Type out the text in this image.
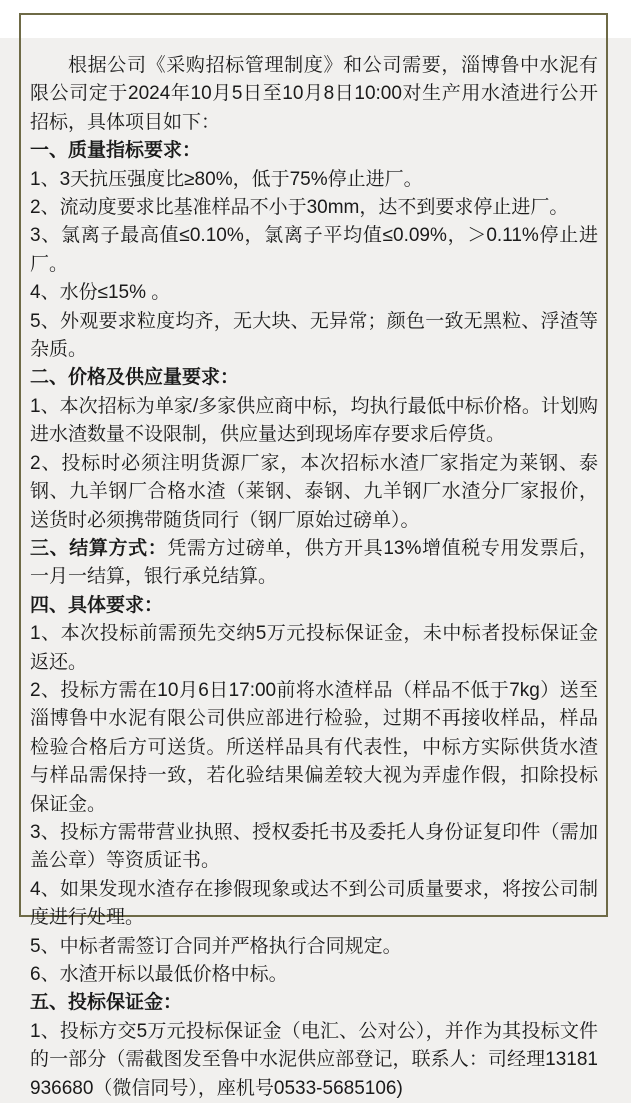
根据公司《采购招标管理制度》和公司需要，淄博鲁中水泥有限公司定于2024年10月5日至10月8日10:00对生产用水渣进行公开招标，具体项目如下：

一、质量指标要求：

1、3天抗压强度比≥80%，低于75%停止进厂。

2、流动度要求比基准样品不小于30mm，达不到要求停止进厂。

3、氯离子最高值≤0.10%，氯离子平均值≤0.09%，＞0.11%停止进厂。

4、水份≤15% 。

5、外观要求粒度均齐，无大块、无异常；颜色一致无黑粒、浮渣等杂质。

二、价格及供应量要求：

1、本次招标为单家/多家供应商中标，均执行最低中标价格。计划购进水渣数量不设限制，供应量达到现场库存要求后停货。

2、投标时必须注明货源厂家，本次招标水渣厂家指定为莱钢、泰钢、九羊钢厂合格水渣（莱钢、泰钢、九羊钢厂水渣分厂家报价，送货时必须携带随货同行（钢厂原始过磅单）。

三、结算方式：凭需方过磅单，供方开具13%增值税专用发票后，一月一结算，银行承兑结算。

四、具体要求：

1、本次投标前需预先交纳5万元投标保证金，未中标者投标保证金返还。

2、投标方需在10月6日17:00前将水渣样品（样品不低于7kg）送至淄博鲁中水泥有限公司供应部进行检验，过期不再接收样品，样品检验合格后方可送货。所送样品具有代表性，中标方实际供货水渣与样品需保持一致，若化验结果偏差较大视为弄虚作假，扣除投标保证金。

3、投标方需带营业执照、授权委托书及委托人身份证复印件（需加盖公章）等资质证书。

4、如果发现水渣存在掺假现象或达不到公司质量要求，将按公司制度进行处理。

5、中标者需签订合同并严格执行合同规定。

6、水渣开标以最低价格中标。

五、投标保证金：

1、投标方交5万元投标保证金（电汇、公对公），并作为其投标文件的一部分（需截图发至鲁中水泥供应部登记，联系人：司经理13181936680（微信同号），座机号0533-5685106)
